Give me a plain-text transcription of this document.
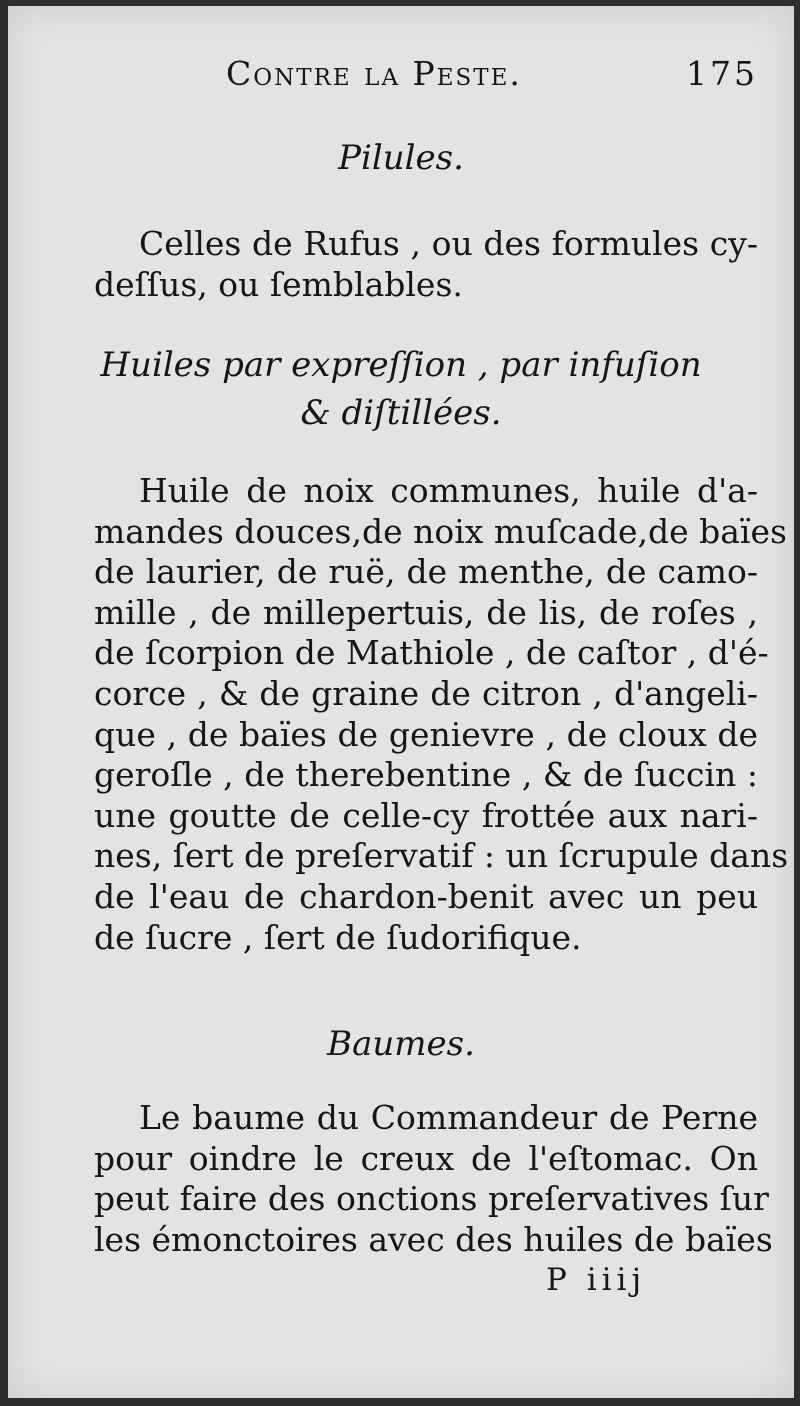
Contre la Peste.	175
Pilules.
Celles de Rufus , ou des formules cy-
deſſus, ou ſemblables.
Huiles par expreſſion , par infuſion
& diſtillées.
Huile de noix communes, huile d'a-
mandes douces,de noix muſcade,de baïes
de laurier, de ruë, de menthe, de camo-
mille , de millepertuis, de lis, de roſes ,
de ſcorpion de Mathiole , de caſtor , d'é-
corce , & de graine de citron , d'angeli-
que , de baïes de genievre , de cloux de
geroſle , de therebentine , & de ſuccin :
une goutte de celle-cy frottée aux nari-
nes, ſert de preſervatif : un ſcrupule dans
de l'eau de chardon-benit avec un peu
de ſucre , ſert de ſudorifique.
Baumes.
Le baume du Commandeur de Perne
pour oindre le creux de l'eſtomac. On
peut faire des onctions preſervatives ſur
les émonctoires avec des huiles de baïes
P iiij
